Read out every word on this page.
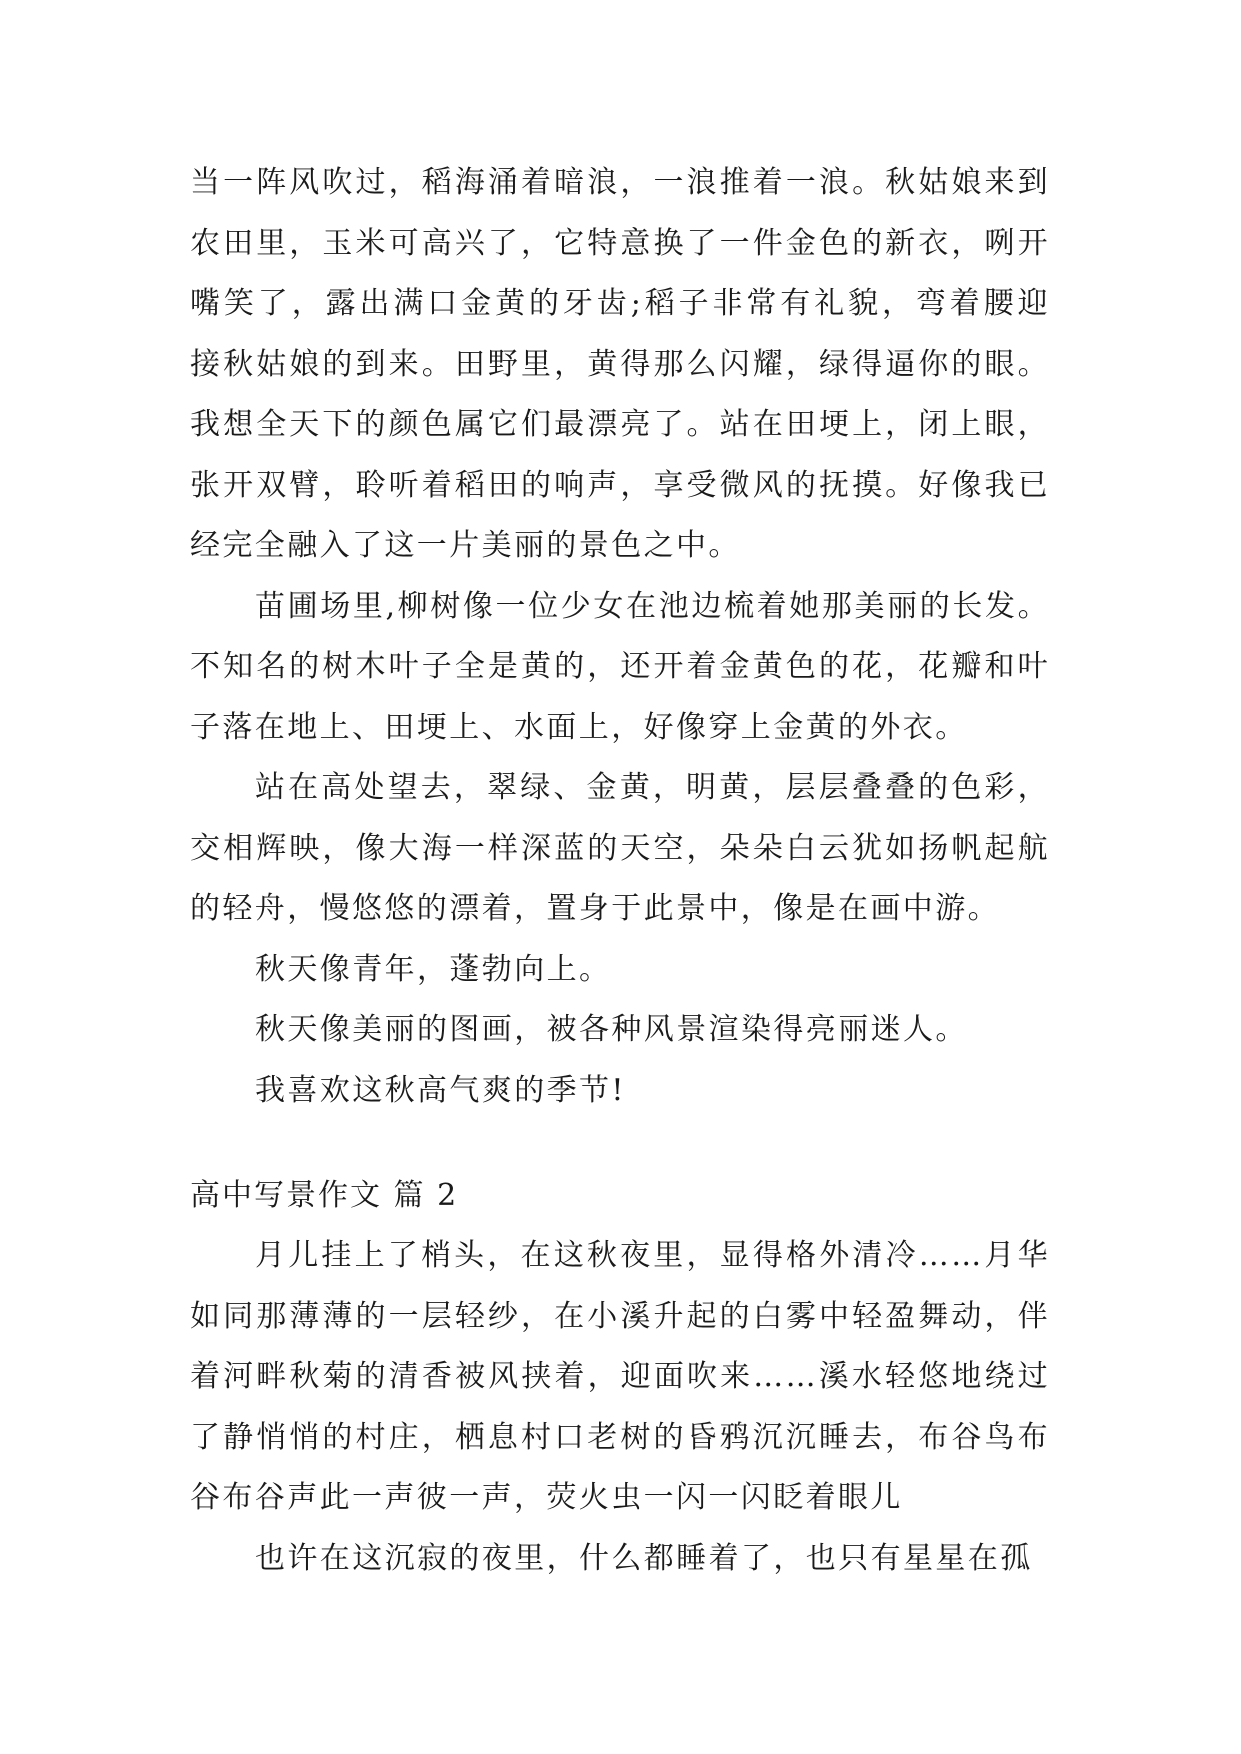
当一阵风吹过，稻海涌着暗浪，一浪推着一浪。秋姑娘来到
农田里，玉米可高兴了，它特意换了一件金色的新衣，咧开
嘴笑了，露出满口金黄的牙齿;稻子非常有礼貌，弯着腰迎
接秋姑娘的到来。田野里，黄得那么闪耀，绿得逼你的眼。
我想全天下的颜色属它们最漂亮了。站在田埂上，闭上眼，
张开双臂，聆听着稻田的响声，享受微风的抚摸。好像我已
经完全融入了这一片美丽的景色之中。

苗圃场里,柳树像一位少女在池边梳着她那美丽的长发。
不知名的树木叶子全是黄的，还开着金黄色的花，花瓣和叶
子落在地上、田埂上、水面上，好像穿上金黄的外衣。

站在高处望去，翠绿、金黄，明黄，层层叠叠的色彩，
交相辉映，像大海一样深蓝的天空，朵朵白云犹如扬帆起航
的轻舟，慢悠悠的漂着，置身于此景中，像是在画中游。

秋天像青年，蓬勃向上。

秋天像美丽的图画，被各种风景渲染得亮丽迷人。

我喜欢这秋高气爽的季节!

高中写景作文 篇 2

月儿挂上了梢头，在这秋夜里，显得格外清冷……月华
如同那薄薄的一层轻纱，在小溪升起的白雾中轻盈舞动，伴
着河畔秋菊的清香被风挟着，迎面吹来……溪水轻悠地绕过
了静悄悄的村庄，栖息村口老树的昏鸦沉沉睡去，布谷鸟布
谷布谷声此一声彼一声，荧火虫一闪一闪眨着眼儿

也许在这沉寂的夜里，什么都睡着了，也只有星星在孤
